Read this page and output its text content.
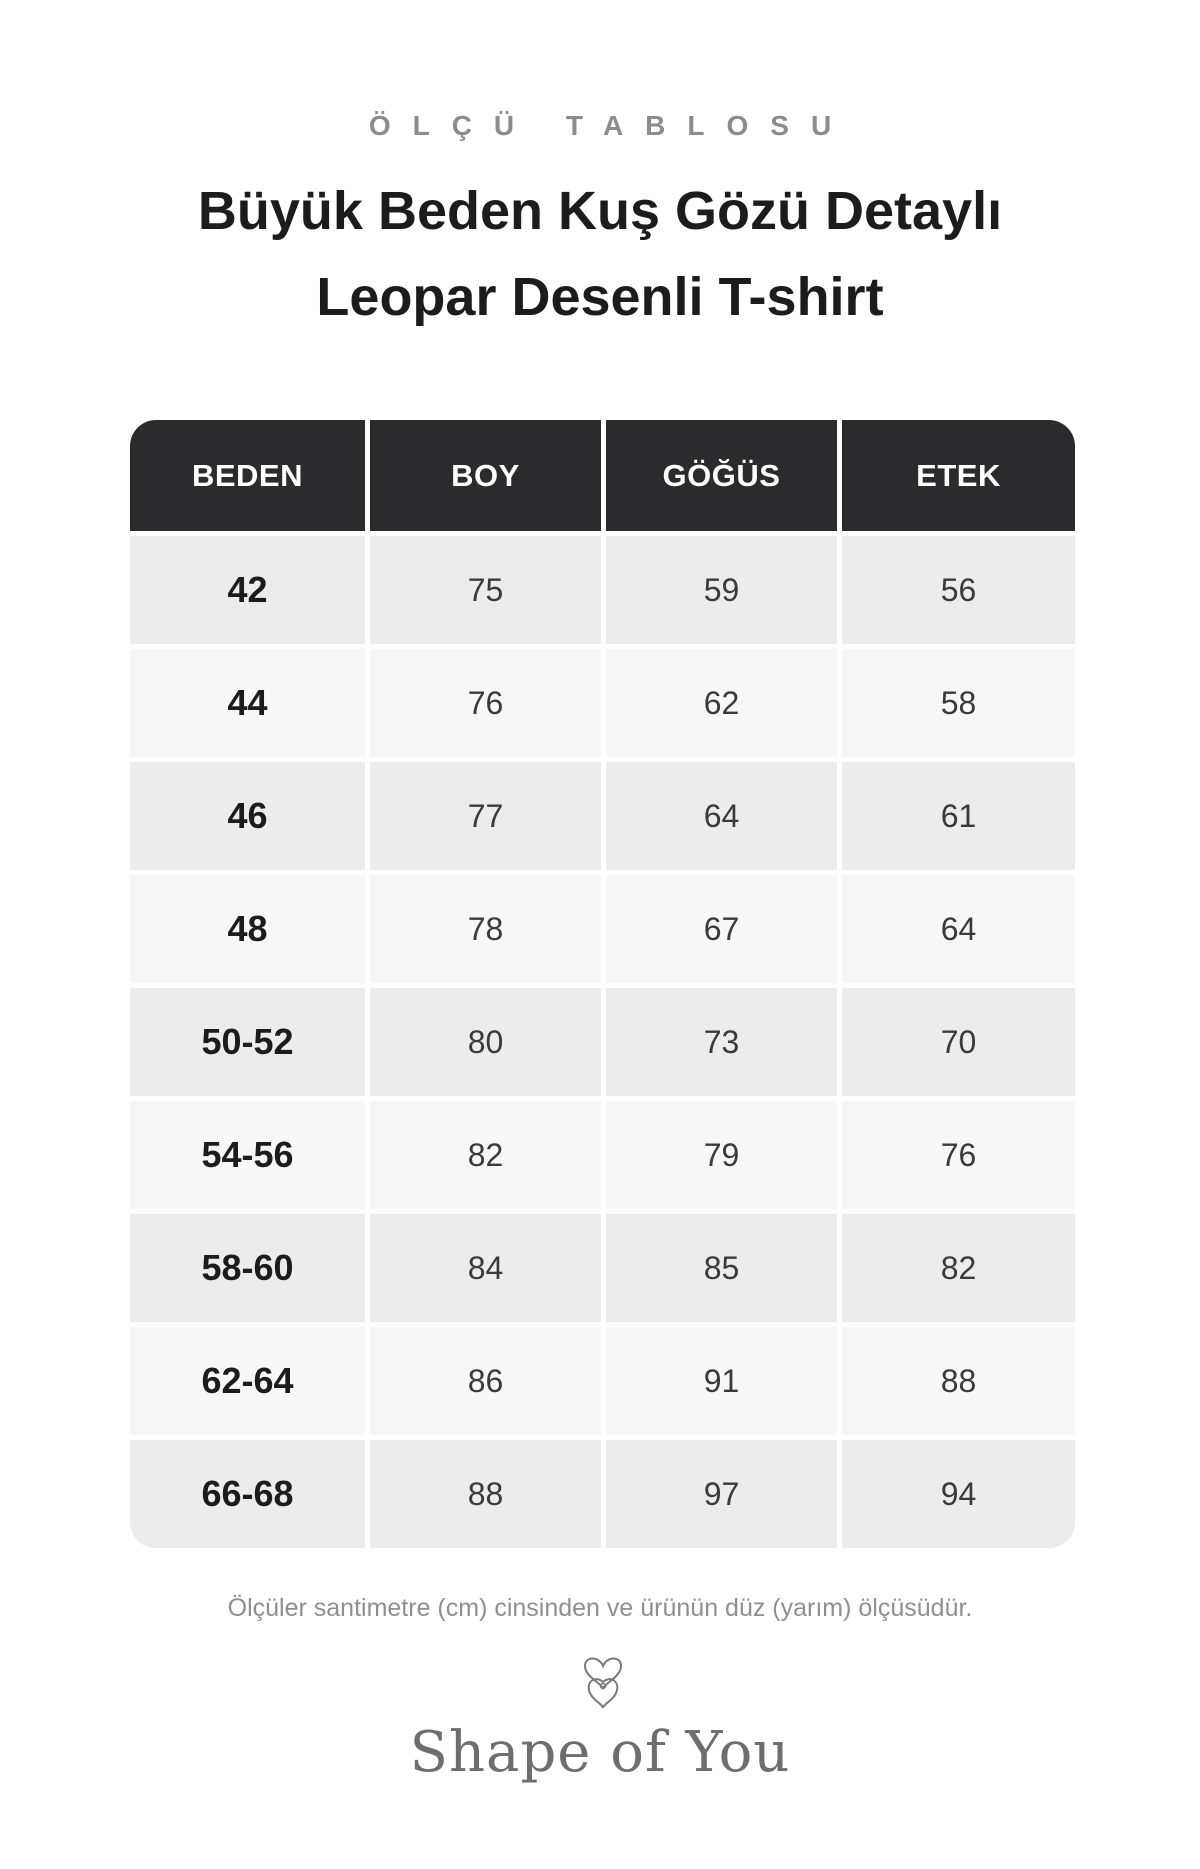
ÖLÇÜ TABLOSU
Büyük Beden Kuş Gözü Detaylı
Leopar Desenli T-shirt
BEDEN	BOY	GÖĞÜS	ETEK
42	75	59	56
44	76	62	58
46	77	64	61
48	78	67	64
50-52	80	73	70
54-56	82	79	76
58-60	84	85	82
62-64	86	91	88
66-68	88	97	94
Ölçüler santimetre (cm) cinsinden ve ürünün düz (yarım) ölçüsüdür.
Shape of You
